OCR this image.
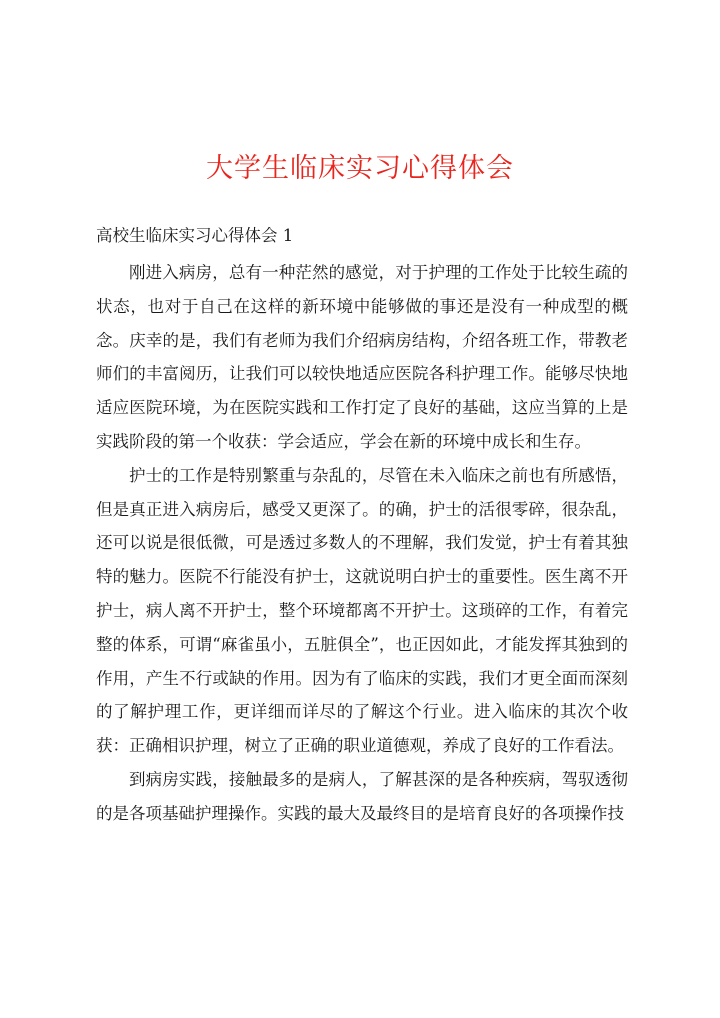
大学生临床实习心得体会
高校生临床实习心得体会 1

刚进入病房，总有一种茫然的感觉，对于护理的工作处于比较生疏的状态，也对于自己在这样的新环境中能够做的事还是没有一种成型的概念。庆幸的是，我们有老师为我们介绍病房结构，介绍各班工作，带教老师们的丰富阅历，让我们可以较快地适应医院各科护理工作。能够尽快地适应医院环境，为在医院实践和工作打定了良好的基础，这应当算的上是实践阶段的第一个收获：学会适应，学会在新的环境中成长和生存。

护士的工作是特别繁重与杂乱的，尽管在未入临床之前也有所感悟，但是真正进入病房后，感受又更深了。的确，护士的活很零碎，很杂乱，还可以说是很低微，可是透过多数人的不理解，我们发觉，护士有着其独特的魅力。医院不行能没有护士，这就说明白护士的重要性。医生离不开护士，病人离不开护士，整个环境都离不开护士。这琐碎的工作，有着完整的体系，可谓“麻雀虽小，五脏俱全”，也正因如此，才能发挥其独到的作用，产生不行或缺的作用。因为有了临床的实践，我们才更全面而深刻的了解护理工作，更详细而详尽的了解这个行业。进入临床的其次个收获：正确相识护理，树立了正确的职业道德观，养成了良好的工作看法。

到病房实践，接触最多的是病人，了解甚深的是各种疾病，驾驭透彻的是各项基础护理操作。实践的最大及最终目的是培育良好的各项操作技
